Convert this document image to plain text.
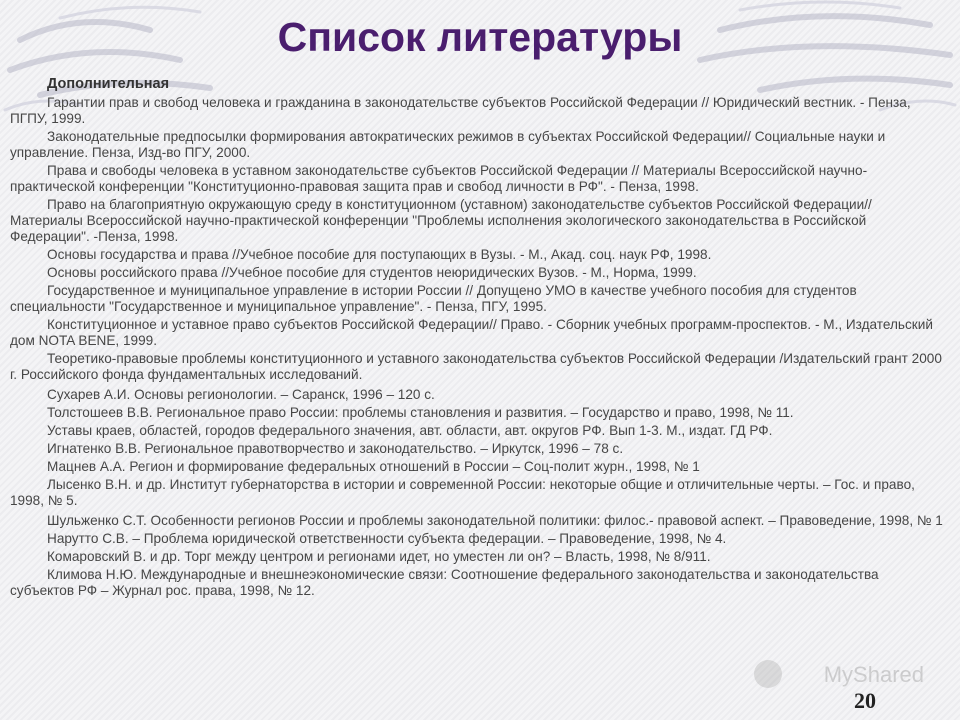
Список литературы
Дополнительная

Гарантии прав и свобод человека и гражданина в законодательстве субъектов Российской Федерации // Юридический вестник. - Пенза, ПГПУ, 1999.

Законодательные предпосылки формирования автократических режимов в субъектах Российской Федерации// Социальные науки и управление. Пенза, Изд-во ПГУ, 2000.

Права и свободы человека в уставном законодательстве субъектов Российской Федерации // Материалы Всероссийской научно-практической конференции "Конституционно-правовая защита прав и свобод личности в РФ". - Пенза, 1998.

Право на благоприятную окружающую среду в конституционном (уставном) законодательстве субъектов Российской Федерации// Материалы Всероссийской научно-практической конференции "Проблемы исполнения экологического законодательства в Российской Федерации". -Пенза, 1998.

Основы государства и права //Учебное пособие для поступающих в Вузы. - М., Акад. соц. наук РФ, 1998.

Основы российского права //Учебное пособие для студентов неюридических Вузов. - М., Норма, 1999.

Государственное и муниципальное управление в истории России // Допущено УМО в качестве учебного пособия для студентов специальности "Государственное и муниципальное управление". - Пенза, ПГУ, 1995.

Конституционное и уставное право субъектов Российской Федерации// Право. - Сборник учебных программ-проспектов. - М., Издательский дом NOTA BENE, 1999.

Теоретико-правовые проблемы конституционного и уставного законодательства субъектов Российской Федерации /Издательский грант 2000 г. Российского фонда фундаментальных исследований.

Сухарев А.И. Основы регионологии. – Саранск, 1996 – 120 с.

Толстошеев В.В. Региональное право России: проблемы становления и развития. – Государство и право, 1998, № 11.

Уставы краев, областей, городов федерального значения, авт. области, авт. округов РФ. Вып 1-3. М., издат. ГД РФ.

Игнатенко В.В. Региональное правотворчество и законодательство. – Иркутск, 1996 – 78 с.

Мацнев А.А. Регион и формирование федеральных отношений в России – Соц-полит журн., 1998, № 1

Лысенко В.Н. и др. Институт губернаторства в истории и современной России: некоторые общие и отличительные черты. – Гос. и право, 1998, № 5.

Шульженко С.Т. Особенности регионов России и проблемы законодательной политики: филос.- правовой аспект. – Правоведение, 1998, № 1

Нарутто С.В. – Проблема юридической ответственности субъекта федерации. – Правоведение, 1998, № 4.

Комаровский В. и др. Торг между центром и регионами идет, но уместен ли он? – Власть, 1998, № 8/911.

Климова Н.Ю. Международные и внешнеэкономические связи: Соотношение федерального законодательства и законодательства субъектов РФ – Журнал рос. права, 1998, № 12.

MyShared
20
